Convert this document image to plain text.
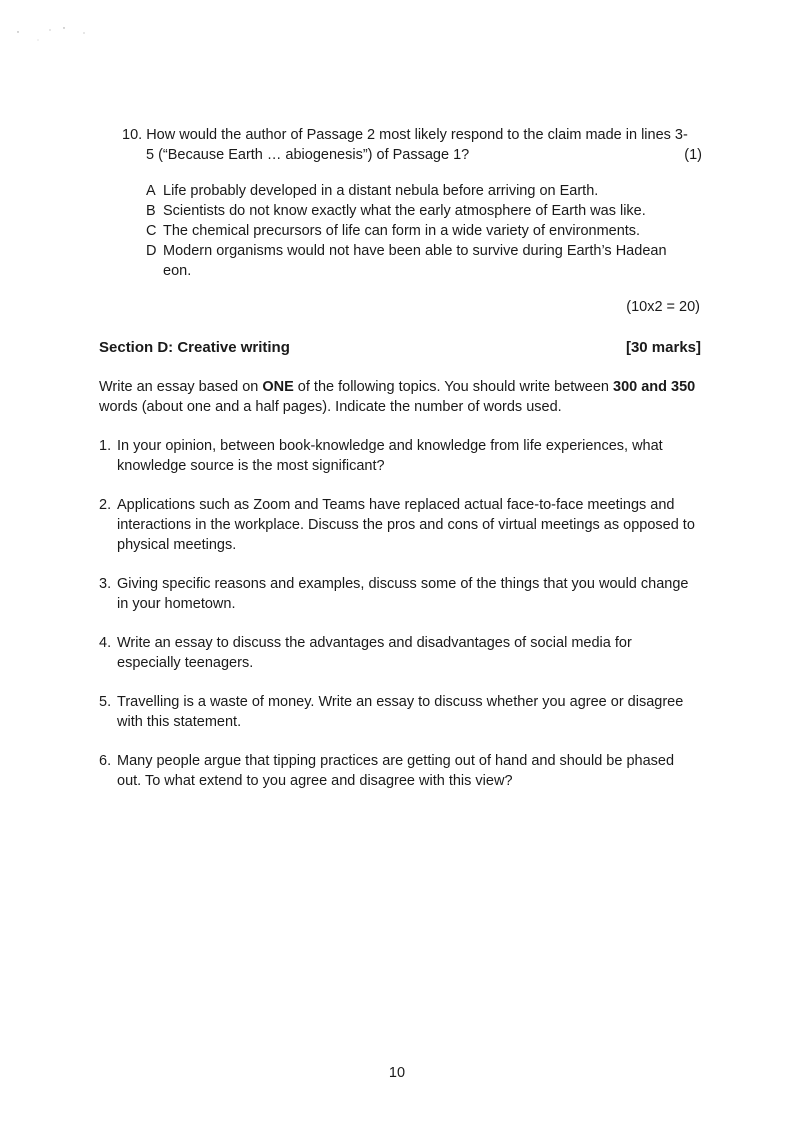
10. How would the author of Passage 2 most likely respond to the claim made in lines 3-
5 (“Because Earth … abiogenesis”) of Passage 1?	(1)
A Life probably developed in a distant nebula before arriving on Earth.
B Scientists do not know exactly what the early atmosphere of Earth was like.
C The chemical precursors of life can form in a wide variety of environments.
D Modern organisms would not have been able to survive during Earth’s Hadean eon.
(10x2 = 20)
Section D: Creative writing	[30 marks]
Write an essay based on ONE of the following topics. You should write between 300 and 350 words (about one and a half pages). Indicate the number of words used.
1. In your opinion, between book-knowledge and knowledge from life experiences, what knowledge source is the most significant?
2. Applications such as Zoom and Teams have replaced actual face-to-face meetings and interactions in the workplace. Discuss the pros and cons of virtual meetings as opposed to physical meetings.
3. Giving specific reasons and examples, discuss some of the things that you would change in your hometown.
4. Write an essay to discuss the advantages and disadvantages of social media for especially teenagers.
5. Travelling is a waste of money. Write an essay to discuss whether you agree or disagree with this statement.
6. Many people argue that tipping practices are getting out of hand and should be phased out. To what extend to you agree and disagree with this view?
10
